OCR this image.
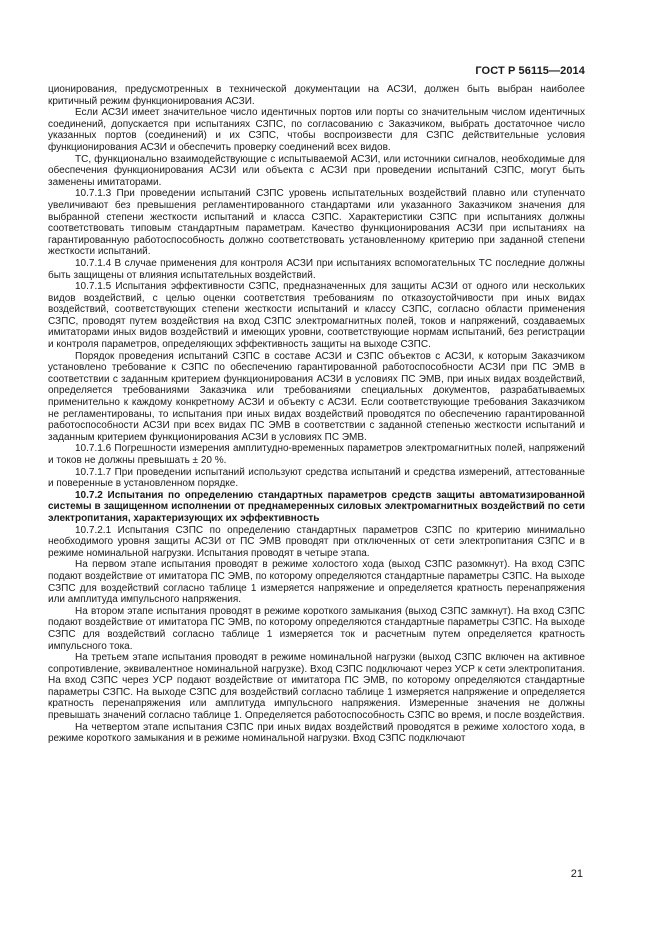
ГОСТ Р 56115—2014

ционирования, предусмотренных в технической документации на АСЗИ, должен быть выбран наиболее критичный режим функционирования АСЗИ.

Если АСЗИ имеет значительное число идентичных портов или порты со значительным числом идентичных соединений, допускается при испытаниях СЗПС, по согласованию с Заказчиком, выбрать достаточное число указанных портов (соединений) и их СЗПС, чтобы воспроизвести для СЗПС действительные условия функционирования АСЗИ и обеспечить проверку соединений всех видов.

ТС, функционально взаимодействующие с испытываемой АСЗИ, или источники сигналов, необходимые для обеспечения функционирования АСЗИ или объекта с АСЗИ при проведении испытаний СЗПС, могут быть заменены имитаторами.

10.7.1.3 При проведении испытаний СЗПС уровень испытательных воздействий плавно или ступенчато увеличивают без превышения регламентированного стандартами или указанного Заказчиком значения для выбранной степени жесткости испытаний и класса СЗПС. Характеристики СЗПС при испытаниях должны соответствовать типовым стандартным параметрам. Качество функционирования АСЗИ при испытаниях на гарантированную работоспособность должно соответствовать установленному критерию при заданной степени жесткости испытаний.

10.7.1.4 В случае применения для контроля АСЗИ при испытаниях вспомогательных ТС последние должны быть защищены от влияния испытательных воздействий.

10.7.1.5 Испытания эффективности СЗПС, предназначенных для защиты АСЗИ от одного или нескольких видов воздействий, с целью оценки соответствия требованиям по отказоустойчивости при иных видах воздействий, соответствующих степени жесткости испытаний и классу СЗПС, согласно области применения СЗПС, проводят путем воздействия на вход СЗПС электромагнитных полей, токов и напряжений, создаваемых имитаторами иных видов воздействий и имеющих уровни, соответствующие нормам испытаний, без регистрации и контроля параметров, определяющих эффективность защиты на выходе СЗПС.

Порядок проведения испытаний СЗПС в составе АСЗИ и СЗПС объектов с АСЗИ, к которым Заказчиком установлено требование к СЗПС по обеспечению гарантированной работоспособности АСЗИ при ПС ЭМВ в соответствии с заданным критерием функционирования АСЗИ в условиях ПС ЭМВ, при иных видах воздействий, определяется требованиями Заказчика или требованиями специальных документов, разрабатываемых применительно к каждому конкретному АСЗИ и объекту с АСЗИ. Если соответствующие требования Заказчиком не регламентированы, то испытания при иных видах воздействий проводятся по обеспечению гарантированной работоспособности АСЗИ при всех видах ПС ЭМВ в соответствии с заданной степенью жесткости испытаний и заданным критерием функционирования АСЗИ в условиях ПС ЭМВ.

10.7.1.6 Погрешности измерения амплитудно-временных параметров электромагнитных полей, напряжений и токов не должны превышать ± 20 %.

10.7.1.7 При проведении испытаний используют средства испытаний и средства измерений, аттестованные и поверенные в установленном порядке.

10.7.2 Испытания по определению стандартных параметров средств защиты автоматизированной системы в защищенном исполнении от преднамеренных силовых электромагнитных воздействий по сети электропитания, характеризующих их эффективность

10.7.2.1 Испытания СЗПС по определению стандартных параметров СЗПС по критерию минимально необходимого уровня защиты АСЗИ от ПС ЭМВ проводят при отключенных от сети электропитания СЗПС и в режиме номинальной нагрузки. Испытания проводят в четыре этапа.

На первом этапе испытания проводят в режиме холостого хода (выход СЗПС разомкнут). На вход СЗПС подают воздействие от имитатора ПС ЭМВ, по которому определяются стандартные параметры СЗПС. На выходе СЗПС для воздействий согласно таблице 1 измеряется напряжение и определяется кратность перенапряжения или амплитуда импульсного напряжения.

На втором этапе испытания проводят в режиме короткого замыкания (выход СЗПС замкнут). На вход СЗПС подают воздействие от имитатора ПС ЭМВ, по которому определяются стандартные параметры СЗПС. На выходе СЗПС для воздействий согласно таблице 1 измеряется ток и расчетным путем определяется кратность импульсного тока.

На третьем этапе испытания проводят в режиме номинальной нагрузки (выход СЗПС включен на активное сопротивление, эквивалентное номинальной нагрузке). Вход СЗПС подключают через УСР к сети электропитания. На вход СЗПС через УСР подают воздействие от имитатора ПС ЭМВ, по которому определяются стандартные параметры СЗПС. На выходе СЗПС для воздействий согласно таблице 1 измеряется напряжение и определяется кратность перенапряжения или амплитуда импульсного напряжения. Измеренные значения не должны превышать значений согласно таблице 1. Определяется работоспособность СЗПС во время, и после воздействия.

На четвертом этапе испытания СЗПС при иных видах воздействий проводятся в режиме холостого хода, в режиме короткого замыкания и в режиме номинальной нагрузки. Вход СЗПС подключают

21
